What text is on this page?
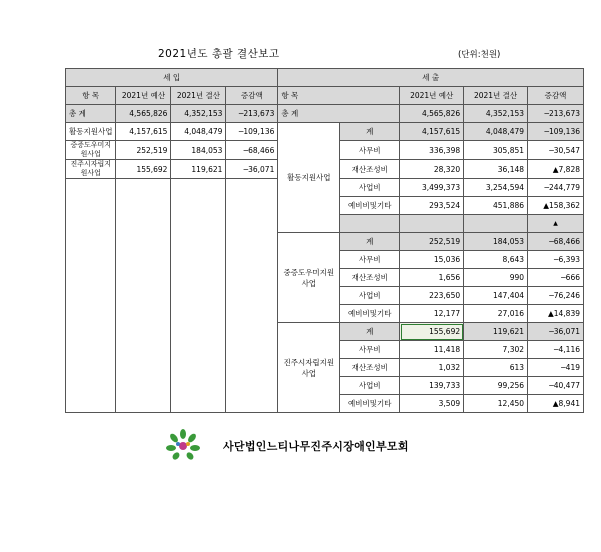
2021년도 총괄 결산보고	(단위:천원)
세 입				세 출				
항 목	2021년 예산	2021년 결산	증감액	항 목		2021년 예산	2021년 결산	증감액
총 계	4,565,826	4,352,153	─213,673	총 계		4,565,826	4,352,153	─213,673
활동지원사업	4,157,615	4,048,479	─109,136	활동지원사업	계	4,157,615	4,048,479	─109,136
중증도우미지원사업	252,519	184,053	─68,466		사무비	336,398	305,851	─30,547
진주시자립지원사업	155,692	119,621	─36,071		재산조성비	28,320	36,148	▲7,828
					사업비	3,499,373	3,254,594	─244,779
					예비비및기타	293,524	451,886	▲158,362
								▲
				중증도우미지원사업	계	252,519	184,053	─68,466
					사무비	15,036	8,643	─6,393
					재산조성비	1,656	990	─666
					사업비	223,650	147,404	─76,246
					예비비및기타	12,177	27,016	▲14,839
				진주시자립지원사업	계	155,692	119,621	─36,071
					사무비	11,418	7,302	─4,116
					재산조성비	1,032	613	─419
					사업비	139,733	99,256	─40,477
					예비비및기타	3,509	12,450	▲8,941
사단법인느티나무진주시장애인부모회
